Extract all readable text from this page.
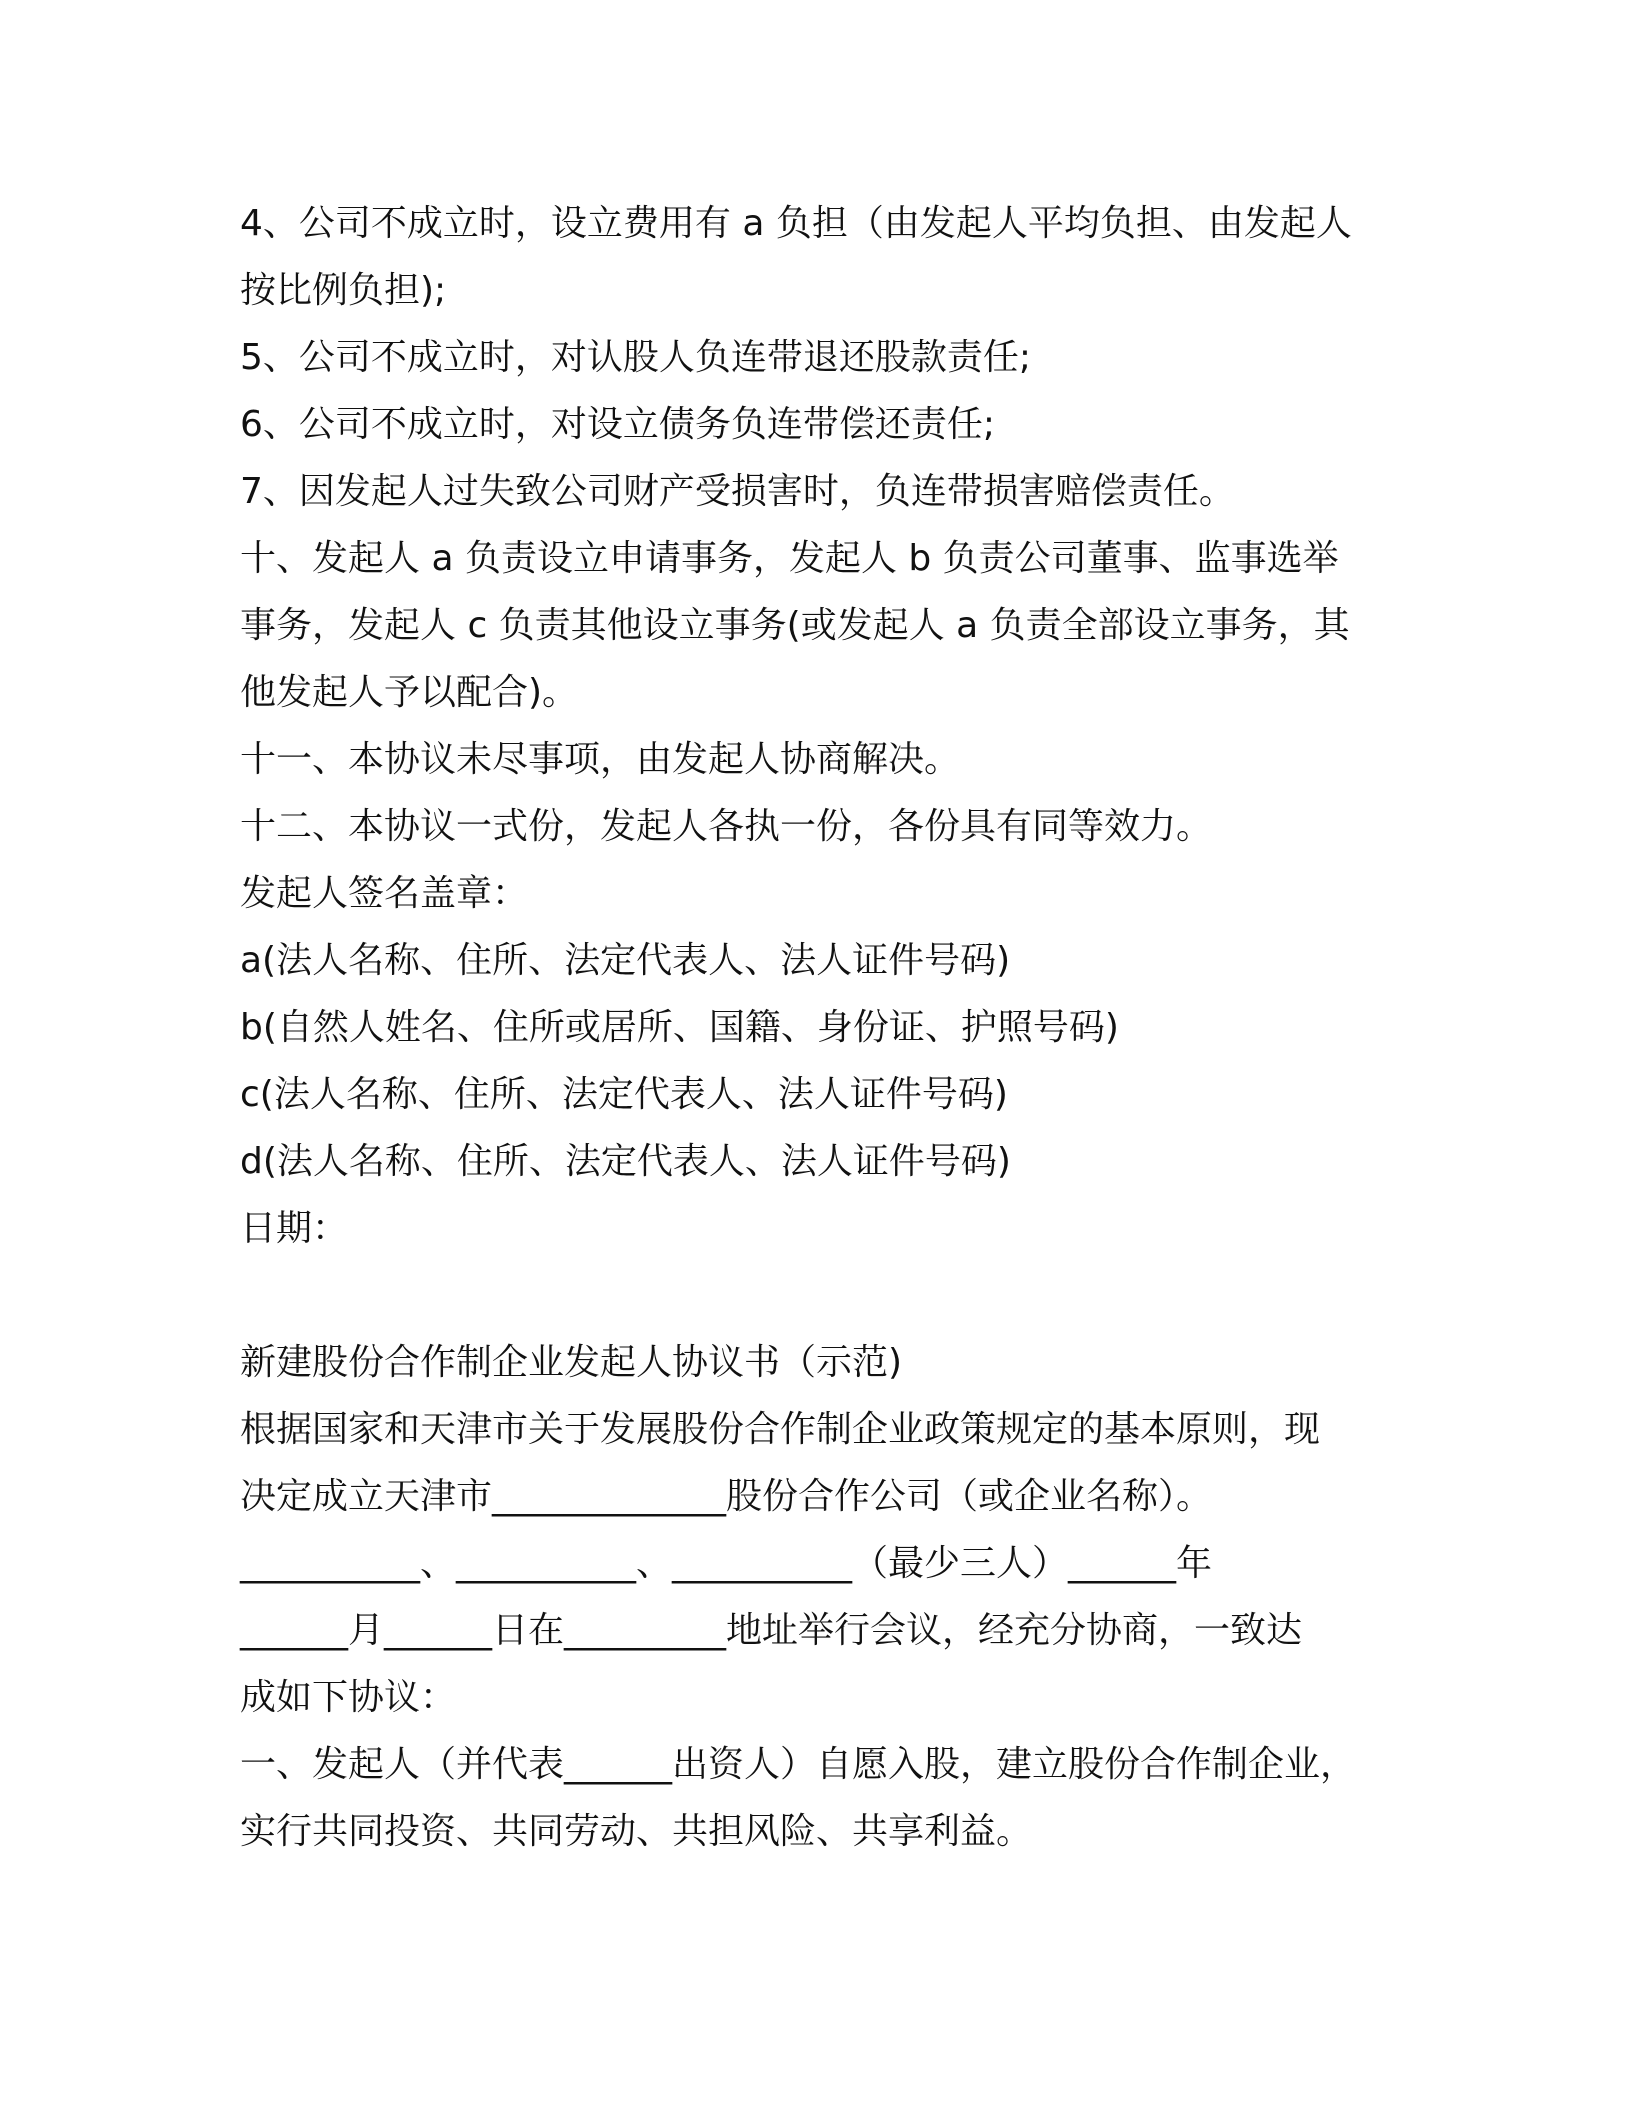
4、公司不成立时，设立费用有 a 负担（由发起人平均负担、由发起人

按比例负担);

5、公司不成立时，对认股人负连带退还股款责任;

6、公司不成立时，对设立债务负连带偿还责任;

7、因发起人过失致公司财产受损害时，负连带损害赔偿责任。

十、发起人 a 负责设立申请事务，发起人 b 负责公司董事、监事选举

事务，发起人 c 负责其他设立事务(或发起人 a 负责全部设立事务，其

他发起人予以配合)。

十一、本协议未尽事项，由发起人协商解决。

十二、本协议一式份，发起人各执一份，各份具有同等效力。

发起人签名盖章：

a(法人名称、住所、法定代表人、法人证件号码)

b(自然人姓名、住所或居所、国籍、身份证、护照号码)

c(法人名称、住所、法定代表人、法人证件号码)

d(法人名称、住所、法定代表人、法人证件号码)

日期：

新建股份合作制企业发起人协议书（示范)

根据国家和天津市关于发展股份合作制企业政策规定的基本原则，现

决定成立天津市_____________股份合作公司（或企业名称）。

__________、__________、__________（最少三人）______年

______月______日在_________地址举行会议，经充分协商，一致达

成如下协议：

一、发起人（并代表______出资人）自愿入股，建立股份合作制企业，

实行共同投资、共同劳动、共担风险、共享利益。
